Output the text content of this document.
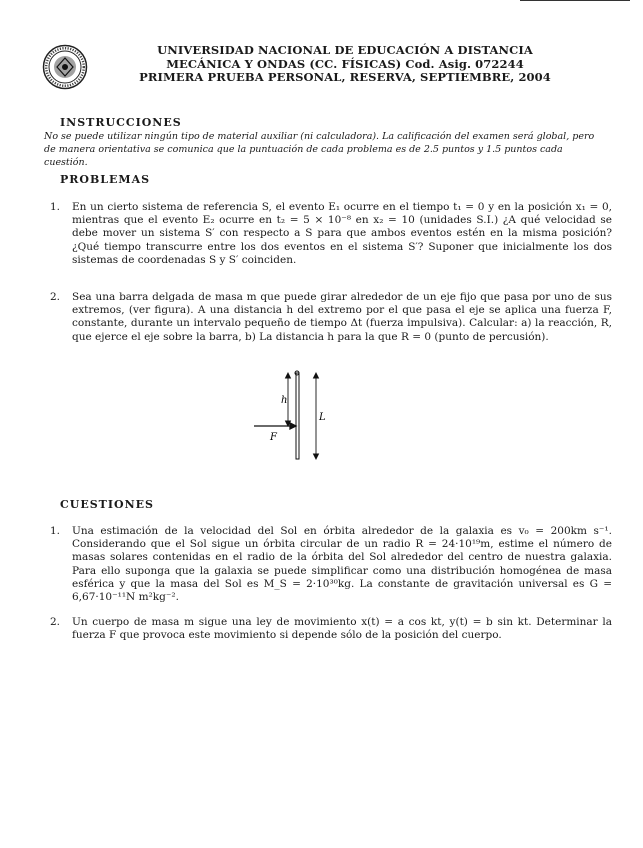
UNIVERSIDAD NACIONAL DE EDUCACIÓN A DISTANCIA
MECÁNICA Y ONDAS (CC. FÍSICAS) Cod. Asig. 072244
PRIMERA PRUEBA PERSONAL, RESERVA, SEPTIEMBRE, 2004
INSTRUCCIONES
No se puede utilizar ningún tipo de material auxiliar (ni calculadora). La calificación del examen será global, pero de manera orientativa se comunica que la puntuación de cada problema es de 2.5 puntos y 1.5 puntos cada cuestión.
PROBLEMAS
1. En un cierto sistema de referencia S, el evento E₁ ocurre en el tiempo t₁ = 0 y en la posición x₁ = 0, mientras que el evento E₂ ocurre en t₂ = 5 × 10⁻⁸ en x₂ = 10 (unidades S.I.) ¿A qué velocidad se debe mover un sistema S′ con respecto a S para que ambos eventos estén en la misma posición? ¿Qué tiempo transcurre entre los dos eventos en el sistema S′? Suponer que inicialmente los dos sistemas de coordenadas S y S′ coinciden.
2. Sea una barra delgada de masa m que puede girar alrededor de un eje fijo que pasa por uno de sus extremos, (ver figura). A una distancia h del extremo por el que pasa el eje se aplica una fuerza F, constante, durante un intervalo pequeño de tiempo Δt (fuerza impulsiva). Calcular: a) la reacción, R, que ejerce el eje sobre la barra, b) La distancia h para la que R = 0 (punto de percusión).
h
L
F
CUESTIONES
1. Una estimación de la velocidad del Sol en órbita alrededor de la galaxia es v₀ = 200km s⁻¹. Considerando que el Sol sigue un órbita circular de un radio R = 24·10¹⁹m, estime el número de masas solares contenidas en el radio de la órbita del Sol alrededor del centro de nuestra galaxia. Para ello suponga que la galaxia se puede simplificar como una distribución homogénea de masa esférica y que la masa del Sol es M_S = 2·10³⁰kg. La constante de gravitación universal es G = 6,67·10⁻¹¹N m²kg⁻².
2. Un cuerpo de masa m sigue una ley de movimiento x(t) = a cos kt, y(t) = b sin kt. Determinar la fuerza F que provoca este movimiento si depende sólo de la posición del cuerpo.
